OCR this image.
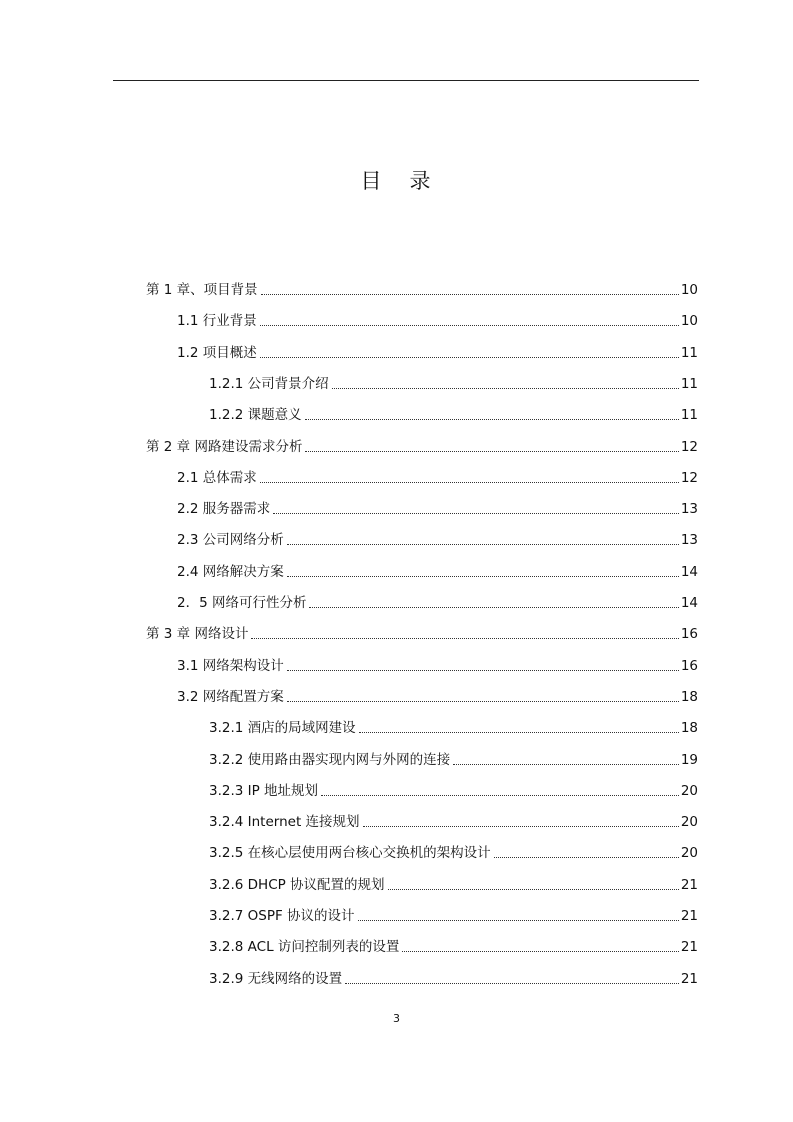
目 录
第 1 章、项目背景	10
1.1 行业背景	10
1.2 项目概述	11
1.2.1 公司背景介绍	11
1.2.2 课题意义	11
第 2 章 网路建设需求分析	12
2.1 总体需求	12
2.2 服务器需求	13
2.3 公司网络分析	13
2.4 网络解决方案	14
2．5 网络可行性分析	14
第 3 章 网络设计	16
3.1 网络架构设计	16
3.2 网络配置方案	18
3.2.1 酒店的局域网建设	18
3.2.2 使用路由器实现内网与外网的连接	19
3.2.3 IP 地址规划	20
3.2.4 Internet 连接规划	20
3.2.5 在核心层使用两台核心交换机的架构设计	20
3.2.6 DHCP 协议配置的规划	21
3.2.7 OSPF 协议的设计	21
3.2.8 ACL 访问控制列表的设置	21
3.2.9 无线网络的设置	21
3
